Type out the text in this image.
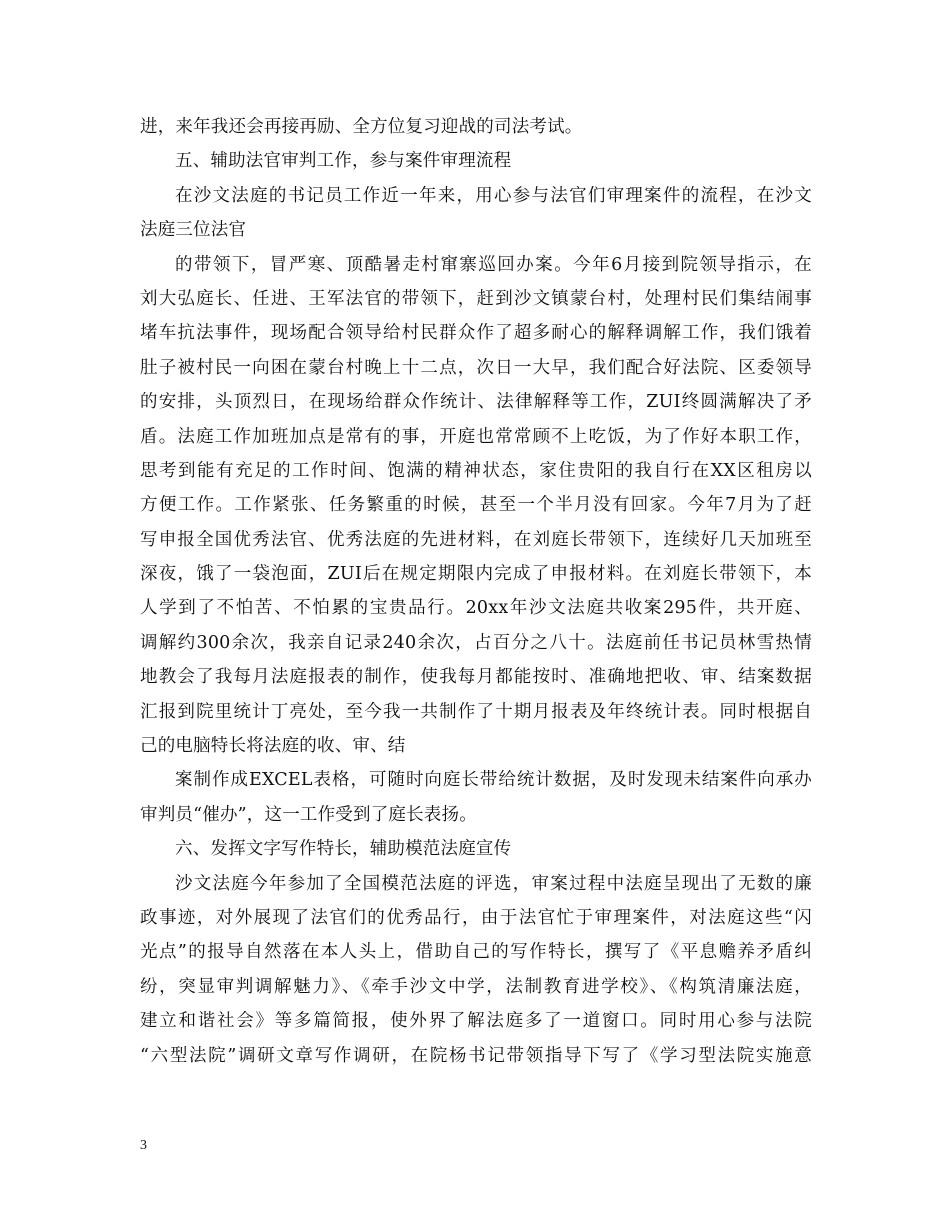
进，来年我还会再接再励、全方位复习迎战的司法考试。
五、辅助法官审判工作，参与案件审理流程
在沙文法庭的书记员工作近一年来，用心参与法官们审理案件的流程，在沙文
法庭三位法官
的带领下，冒严寒、顶酷暑走村窜寨巡回办案。今年6月接到院领导指示，在
刘大弘庭长、任进、王军法官的带领下，赶到沙文镇蒙台村，处理村民们集结闹事
堵车抗法事件，现场配合领导给村民群众作了超多耐心的解释调解工作，我们饿着
肚子被村民一向困在蒙台村晚上十二点，次日一大早，我们配合好法院、区委领导
的安排，头顶烈日，在现场给群众作统计、法律解释等工作，ZUI终圆满解决了矛
盾。法庭工作加班加点是常有的事，开庭也常常顾不上吃饭，为了作好本职工作，
思考到能有充足的工作时间、饱满的精神状态，家住贵阳的我自行在XX区租房以
方便工作。工作紧张、任务繁重的时候，甚至一个半月没有回家。今年7月为了赶
写申报全国优秀法官、优秀法庭的先进材料，在刘庭长带领下，连续好几天加班至
深夜，饿了一袋泡面，ZUI后在规定期限内完成了申报材料。在刘庭长带领下，本
人学到了不怕苦、不怕累的宝贵品行。20xx年沙文法庭共收案295件，共开庭、
调解约300余次，我亲自记录240余次，占百分之八十。法庭前任书记员林雪热情
地教会了我每月法庭报表的制作，使我每月都能按时、准确地把收、审、结案数据
汇报到院里统计丁亮处，至今我一共制作了十期月报表及年终统计表。同时根据自
己的电脑特长将法庭的收、审、结
案制作成EXCEL表格，可随时向庭长带给统计数据，及时发现未结案件向承办
审判员“催办”，这一工作受到了庭长表扬。
六、发挥文字写作特长，辅助模范法庭宣传
沙文法庭今年参加了全国模范法庭的评选，审案过程中法庭呈现出了无数的廉
政事迹，对外展现了法官们的优秀品行，由于法官忙于审理案件，对法庭这些“闪
光点”的报导自然落在本人头上，借助自己的写作特长，撰写了《平息赡养矛盾纠
纷，突显审判调解魅力》、《牵手沙文中学，法制教育进学校》、《构筑清廉法庭，
建立和谐社会》等多篇简报，使外界了解法庭多了一道窗口。同时用心参与法院
“六型法院”调研文章写作调研，在院杨书记带领指导下写了《学习型法院实施意
3
